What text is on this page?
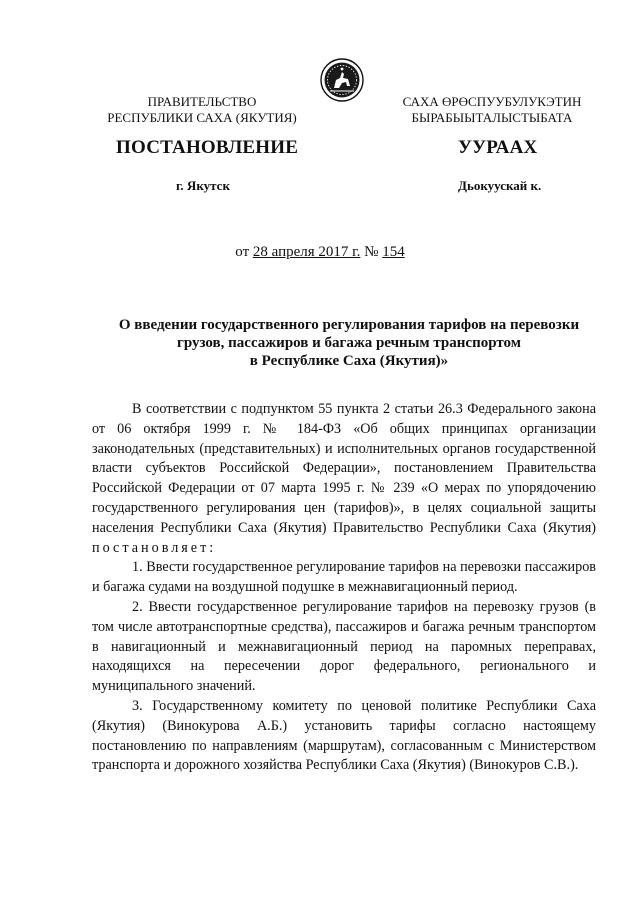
ПРАВИТЕЛЬСТВО
РЕСПУБЛИКИ САХА (ЯКУТИЯ)
САХА ӨРӨСПУУБУЛУКЭТИН
БЫРАБЫЫТАЛЫСТЫБАТА
ПОСТАНОВЛЕНИЕ	УУРААХ
г. Якутск	Дьокуускай к.
от 28 апреля 2017 г. № 154
О введении государственного регулирования тарифов на перевозки
грузов, пассажиров и багажа речным транспортом
в Республике Саха (Якутия)»

В соответствии с подпунктом 55 пункта 2 статьи 26.3 Федерального закона от 06 октября 1999 г. № 184-ФЗ «Об общих принципах организации законодательных (представительных) и исполнительных органов государственной власти субъектов Российской Федерации», постановлением Правительства Российской Федерации от 07 марта 1995 г. № 239 «О мерах по упорядочению государственного регулирования цен (тарифов)», в целях социальной защиты населения Республики Саха (Якутия) Правительство Республики Саха (Якутия) постановляет:

1. Ввести государственное регулирование тарифов на перевозки пассажиров и багажа судами на воздушной подушке в межнавигационный период.

2. Ввести государственное регулирование тарифов на перевозку грузов (в том числе автотранспортные средства), пассажиров и багажа речным транспортом в навигационный и межнавигационный период на паромных переправах, находящихся на пересечении дорог федерального, регионального и муниципального значений.

3. Государственному комитету по ценовой политике Республики Саха (Якутия) (Винокурова А.Б.) установить тарифы согласно настоящему постановлению по направлениям (маршрутам), согласованным с Министерством транспорта и дорожного хозяйства Республики Саха (Якутия) (Винокуров С.В.).
